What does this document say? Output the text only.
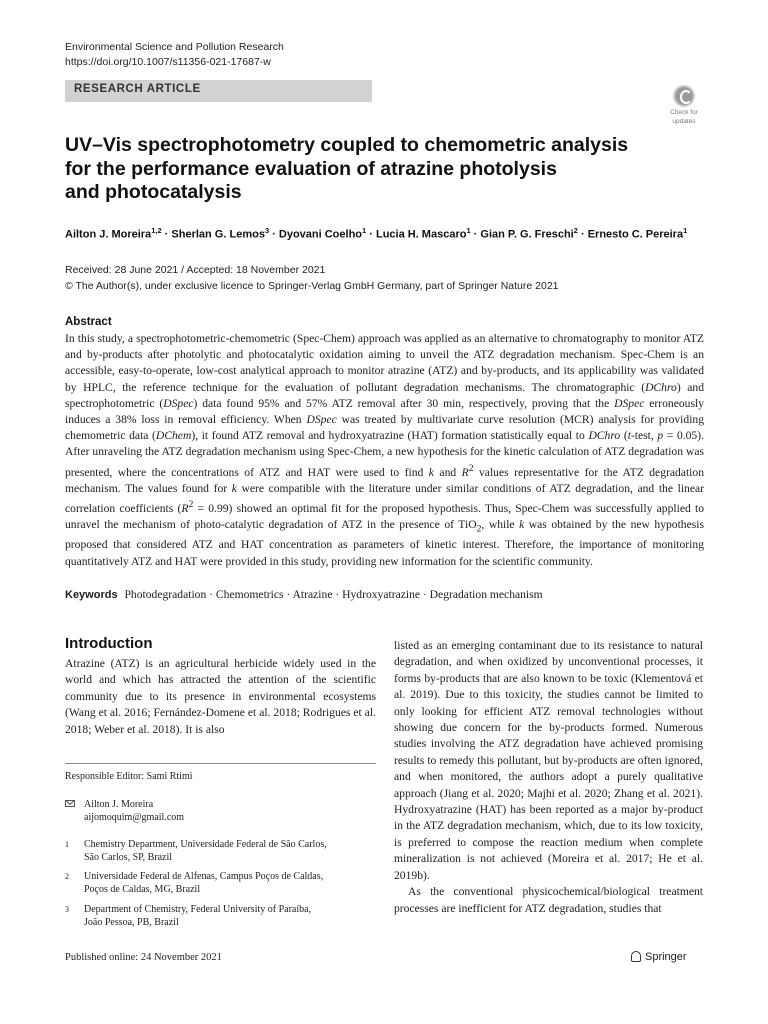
Environmental Science and Pollution Research
https://doi.org/10.1007/s11356-021-17687-w
RESEARCH ARTICLE
Check for
updates
UV–Vis spectrophotometry coupled to chemometric analysis
for the performance evaluation of atrazine photolysis
and photocatalysis
Ailton J. Moreira$^{1,2}$ · Sherlan G. Lemos$^3$ · Dyovani Coelho$^1$ · Lucia H. Mascaro$^1$ · Gian P. G. Freschi$^2$ · Ernesto C. Pereira$^1$
Received: 28 June 2021 / Accepted: 18 November 2021
© The Author(s), under exclusive licence to Springer-Verlag GmbH Germany, part of Springer Nature 2021
Abstract

In this study, a spectrophotometric-chemometric (Spec-Chem) approach was applied as an alternative to chromatography to monitor ATZ and by-products after photolytic and photocatalytic oxidation aiming to unveil the ATZ degradation mechanism. Spec-Chem is an accessible, easy-to-operate, low-cost analytical approach to monitor atrazine (ATZ) and by-products, and its applicability was validated by HPLC, the reference technique for the evaluation of pollutant degradation mechanisms. The chromatographic (DChro) and spectrophotometric (DSpec) data found 95% and 57% ATZ removal after 30 min, respectively, proving that the DSpec erroneously induces a 38% loss in removal efficiency. When DSpec was treated by multivariate curve resolution (MCR) analysis for providing chemometric data (DChem), it found ATZ removal and hydroxyatrazine (HAT) formation statistically equal to DChro (t-test, p = 0.05). After unraveling the ATZ degradation mechanism using Spec-Chem, a new hypothesis for the kinetic calculation of ATZ degradation was presented, where the concentrations of ATZ and HAT were used to find k and $R^2$ values representative for the ATZ degradation mechanism. The values found for k were compatible with the literature under similar conditions of ATZ degradation, and the linear correlation coefficients $(R^2 = 0.99)$ showed an optimal fit for the proposed hypothesis. Thus, Spec-Chem was successfully applied to unravel the mechanism of photo-catalytic degradation of ATZ in the presence of TiO$_2$, while k was obtained by the new hypothesis proposed that considered ATZ and HAT concentration as parameters of kinetic interest. Therefore, the importance of monitoring quantitatively ATZ and HAT were provided in this study, providing new information for the scientific community.

Keywords Photodegradation · Chemometrics · Atrazine · Hydroxyatrazine · Degradation mechanism
Introduction

Atrazine (ATZ) is an agricultural herbicide widely used in the world and which has attracted the attention of the scientific community due to its presence in environmental ecosystems (Wang et al. 2016; Fernández-Domene et al. 2018; Rodrigues et al. 2018; Weber et al. 2018). It is also

Responsible Editor: Sami Rtimi
Ailton J. Moreira
aijomoquim@gmail.com
1	Chemistry Department, Universidade Federal de São Carlos,
São Carlos, SP, Brazil
2	Universidade Federal de Alfenas, Campus Poços de Caldas,
Poços de Caldas, MG, Brazil
3	Department of Chemistry, Federal University of Paraíba,
João Pessoa, PB, Brazil

listed as an emerging contaminant due to its resistance to natural degradation, and when oxidized by unconventional processes, it forms by-products that are also known to be toxic (Klementová et al. 2019). Due to this toxicity, the studies cannot be limited to only looking for efficient ATZ removal technologies without showing due concern for the by-products formed. Numerous studies involving the ATZ degradation have achieved promising results to remedy this pollutant, but by-products are often ignored, and when monitored, the authors adopt a purely qualitative approach (Jiang et al. 2020; Majhi et al. 2020; Zhang et al. 2021). Hydroxyatrazine (HAT) has been reported as a major by-product in the ATZ degradation mechanism, which, due to its low toxicity, is preferred to compose the reaction medium when complete mineralization is not achieved (Moreira et al. 2017; He et al. 2019b).
As the conventional physicochemical/biological treatment processes are inefficient for ATZ degradation, studies that

Published online: 24 November 2021	Springer
